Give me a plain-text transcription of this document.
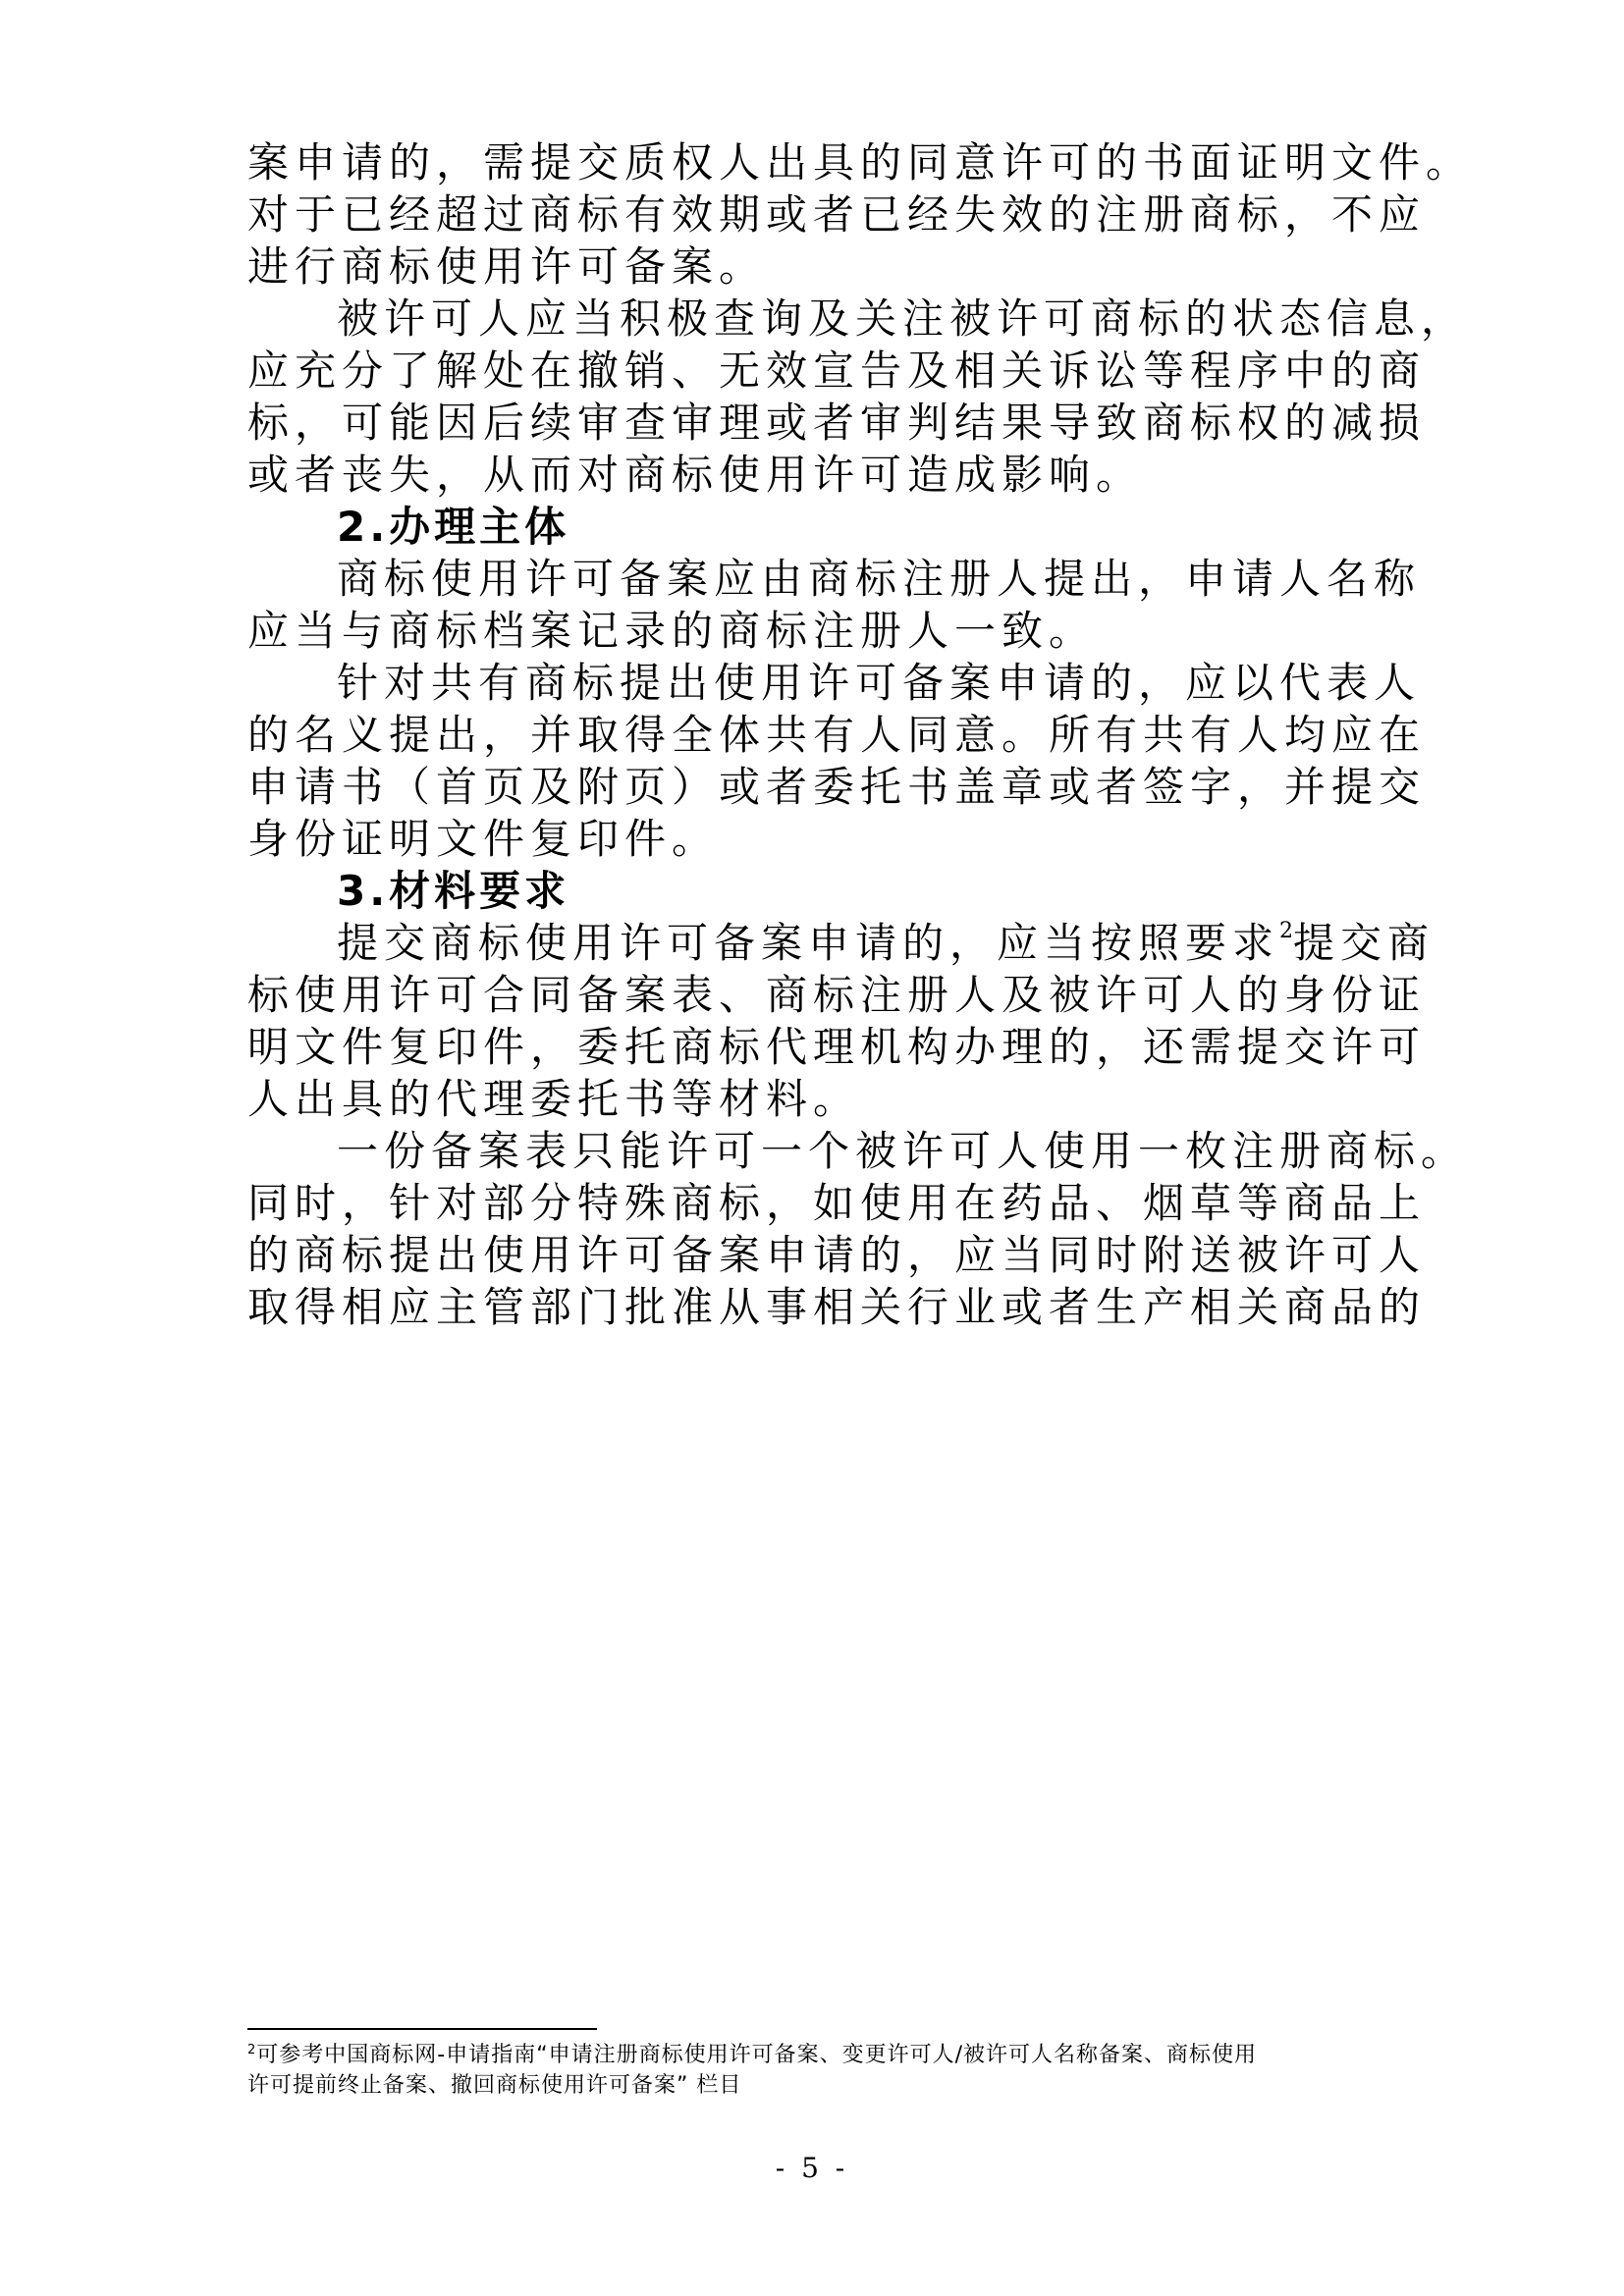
案申请的，需提交质权人出具的同意许可的书面证明文件。
对于已经超过商标有效期或者已经失效的注册商标，不应
进行商标使用许可备案。
被许可人应当积极查询及关注被许可商标的状态信息，
应充分了解处在撤销、无效宣告及相关诉讼等程序中的商
标，可能因后续审查审理或者审判结果导致商标权的减损
或者丧失，从而对商标使用许可造成影响。
2.办理主体
商标使用许可备案应由商标注册人提出，申请人名称
应当与商标档案记录的商标注册人一致。
针对共有商标提出使用许可备案申请的，应以代表人
的名义提出，并取得全体共有人同意。所有共有人均应在
申请书（首页及附页）或者委托书盖章或者签字，并提交
身份证明文件复印件。
3.材料要求
提交商标使用许可备案申请的，应当按照要求$^2$提交商
标使用许可合同备案表、商标注册人及被许可人的身份证
明文件复印件，委托商标代理机构办理的，还需提交许可
人出具的代理委托书等材料。
一份备案表只能许可一个被许可人使用一枚注册商标。
同时，针对部分特殊商标，如使用在药品、烟草等商品上
的商标提出使用许可备案申请的，应当同时附送被许可人
取得相应主管部门批准从事相关行业或者生产相关商品的
$^2$可参考中国商标网-申请指南“申请注册商标使用许可备案、变更许可人/被许可人名称备案、商标使用
许可提前终止备案、撤回商标使用许可备案” 栏目
- 5 -
